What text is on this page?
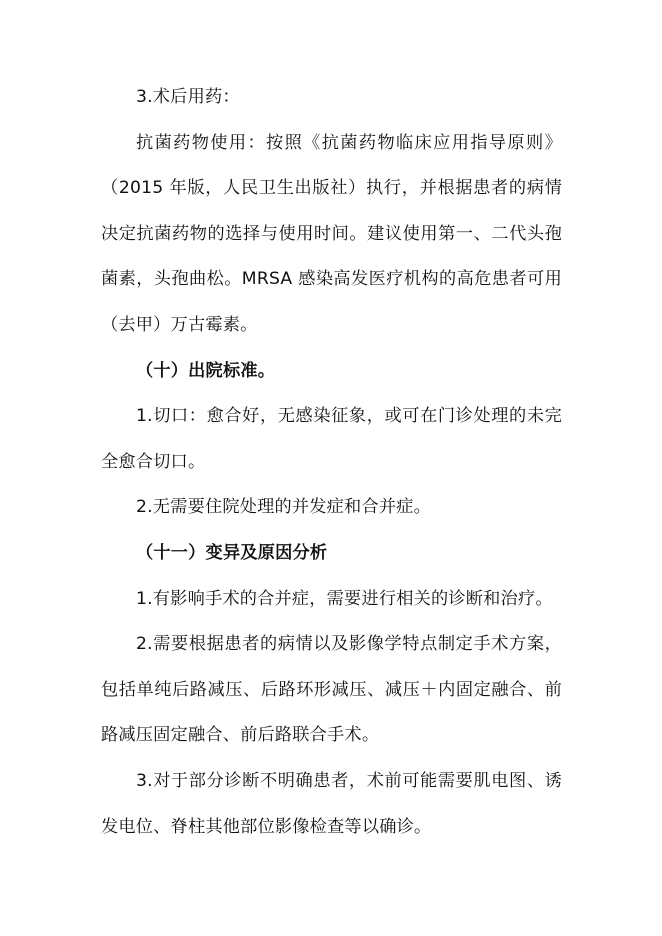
3.术后用药：
抗菌药物使用：按照《抗菌药物临床应用指导原则》
（2015 年版，人民卫生出版社）执行，并根据患者的病情
决定抗菌药物的选择与使用时间。建议使用第一、二代头孢
菌素，头孢曲松。MRSA 感染高发医疗机构的高危患者可用
（去甲）万古霉素。
（十）出院标准。
1.切口：愈合好，无感染征象，或可在门诊处理的未完
全愈合切口。
2.无需要住院处理的并发症和合并症。
（十一）变异及原因分析
1.有影响手术的合并症，需要进行相关的诊断和治疗。
2.需要根据患者的病情以及影像学特点制定手术方案，
包括单纯后路减压、后路环形减压、减压＋内固定融合、前
路减压固定融合、前后路联合手术。
3.对于部分诊断不明确患者，术前可能需要肌电图、诱
发电位、脊柱其他部位影像检查等以确诊。
